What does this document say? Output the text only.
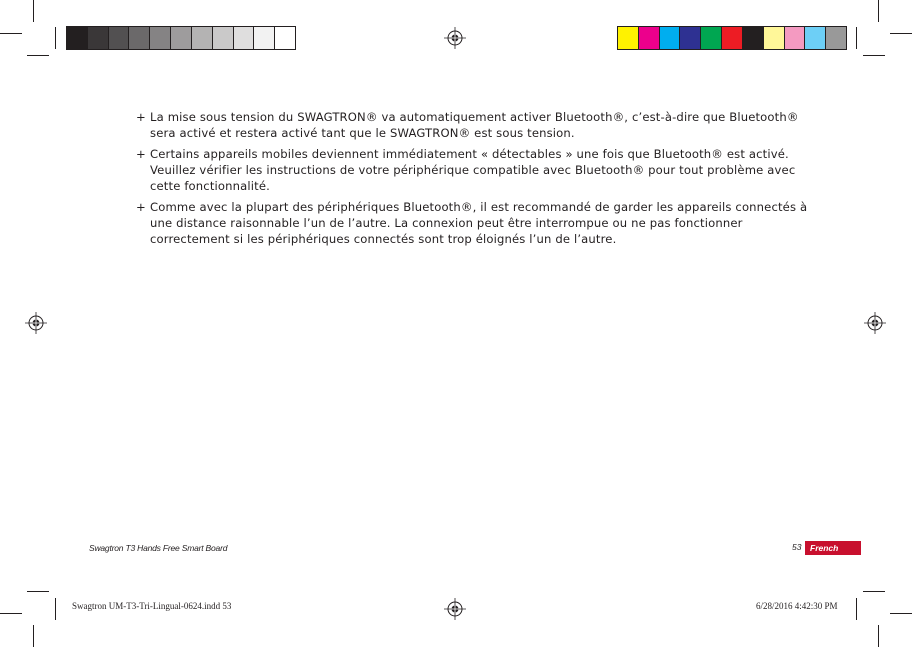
+ La mise sous tension du SWAGTRON® va automatiquement activer Bluetooth®, c’est-à-dire que Bluetooth® sera activé et restera activé tant que le SWAGTRON® est sous tension.
+ Certains appareils mobiles deviennent immédiatement « détectables » une fois que Bluetooth® est activé. Veuillez vérifier les instructions de votre périphérique compatible avec Bluetooth® pour tout problème avec cette fonctionnalité.
+ Comme avec la plupart des périphériques Bluetooth®, il est recommandé de garder les appareils connectés à une distance raisonnable l’un de l’autre. La connexion peut être interrompue ou ne pas fonctionner correctement si les périphériques connectés sont trop éloignés l’un de l’autre.
Swagtron T3 Hands Free Smart Board	53	French
Swagtron UM-T3-Tri-Lingual-0624.indd 53	6/28/2016 4:42:30 PM
